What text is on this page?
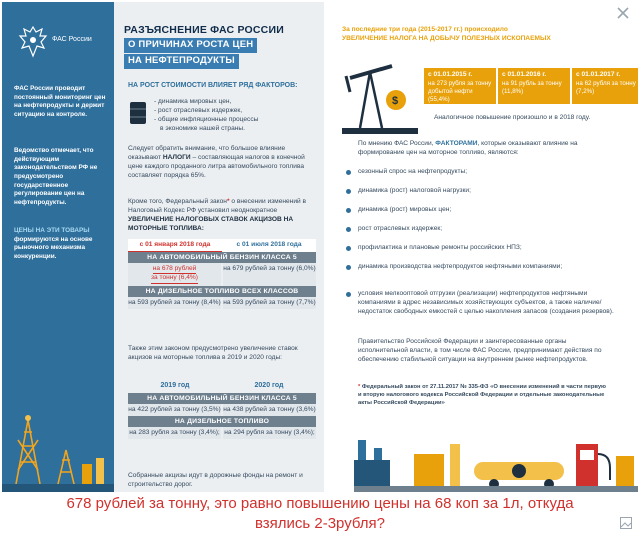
ФАС России
ФАС России проводит постоянный мониторинг цен на нефтепродукты и держит ситуацию на контроле.
Ведомство отмечает, что действующим законодательством РФ не предусмотрено государственное регулирование цен на нефтепродукты.
ЦЕНЫ НА ЭТИ ТОВАРЫ формируются на основе рыночного механизма конкуренции.
РАЗЪЯСНЕНИЕ ФАС РОССИИ
О ПРИЧИНАХ РОСТА ЦЕН
НА НЕФТЕПРОДУКТЫ
НА РОСТ СТОИМОСТИ ВЛИЯЕТ РЯД ФАКТОРОВ:
- динамика мировых цен,
- рост отраслевых издержек,
- общие инфляционные процессы
в экономике нашей страны.
Следует обратить внимание, что большое влияние оказывают НАЛОГИ – составляющая налогов в конечной цене каждого проданного литра автомобильного топлива составляет порядка 65%.
Кроме того, Федеральный закон* о внесении изменений в Налоговый Кодекс РФ установил неоднократное УВЕЛИЧЕНИЕ НАЛОГОВЫХ СТАВОК АКЦИЗОВ НА МОТОРНЫЕ ТОПЛИВА:
с 01 января 2018 года	с 01 июля 2018 года
НА АВТОМОБИЛЬНЫЙ БЕНЗИН КЛАССА 5
на 678 рублей
за тонну (6,4%)
на 679 рублей за тонну (6,0%)
НА ДИЗЕЛЬНОЕ ТОПЛИВО ВСЕХ КЛАССОВ
на 593 рублей за тонну (8,4%) на 593 рублей за тонну (7,7%)
Также этим законом предусмотрено увеличение ставок акцизов на моторные топлива в 2019 и 2020 годы:
2019 год	2020 год
НА АВТОМОБИЛЬНЫЙ БЕНЗИН КЛАССА 5
на 422 рублей за тонну (3,5%) на 438 рублей за тонну (3,6%)
НА ДИЗЕЛЬНОЕ ТОПЛИВО
на 283 рубля за тонну (3,4%); на 294 рубля за тонну (3,4%);
Собранные акцизы идут в дорожные фонды на ремонт и строительство дорог.
За последние три года (2015-2017 гг.) происходило
УВЕЛИЧЕНИЕ НАЛОГА НА ДОБЫЧУ ПОЛЕЗНЫХ ИСКОПАЕМЫХ
$
с 01.01.2015 г.
на 273 рубля за тонну добытой нефти (55,4%)
с 01.01.2016 г.
на 91 рубль за тонну (11,8%)
с 01.01.2017 г.
на 62 рубля за тонну (7,2%)
Аналогичное повышение произошло и в 2018 году.
По мнению ФАС России, ФАКТОРАМИ, которые оказывают влияние на формирование цен на моторное топливо, являются:
сезонный спрос на нефтепродукты;
динамика (рост) налоговой нагрузки;
динамика (рост) мировых цен;
рост отраслевых издержек;
профилактика и плановые ремонты российских НПЗ;
динамика производства нефтепродуктов нефтяными компаниями;
условия мелкооптовой отгрузки (реализации) нефтепродуктов нефтяными компаниями в адрес независимых хозяйствующих субъектов, а также наличие/недостаток свободных емкостей с целью накопления запасов (создания резервов).
Правительство Российской Федерации и заинтересованные органы исполнительной власти, в том числе ФАС России, предпринимают действия по обеспечению стабильной ситуации на внутреннем рынке нефтепродуктов.
* Федеральный закон от 27.11.2017 № 335-ФЗ «О внесении изменений в части первую и вторую налогового кодекса Российской Федерации и отдельные законодательные акты Российской Федерации»
678 рублей за тонну, это равно повышению цены на 68 коп за 1л, откуда
взялись 2-3рубля?
